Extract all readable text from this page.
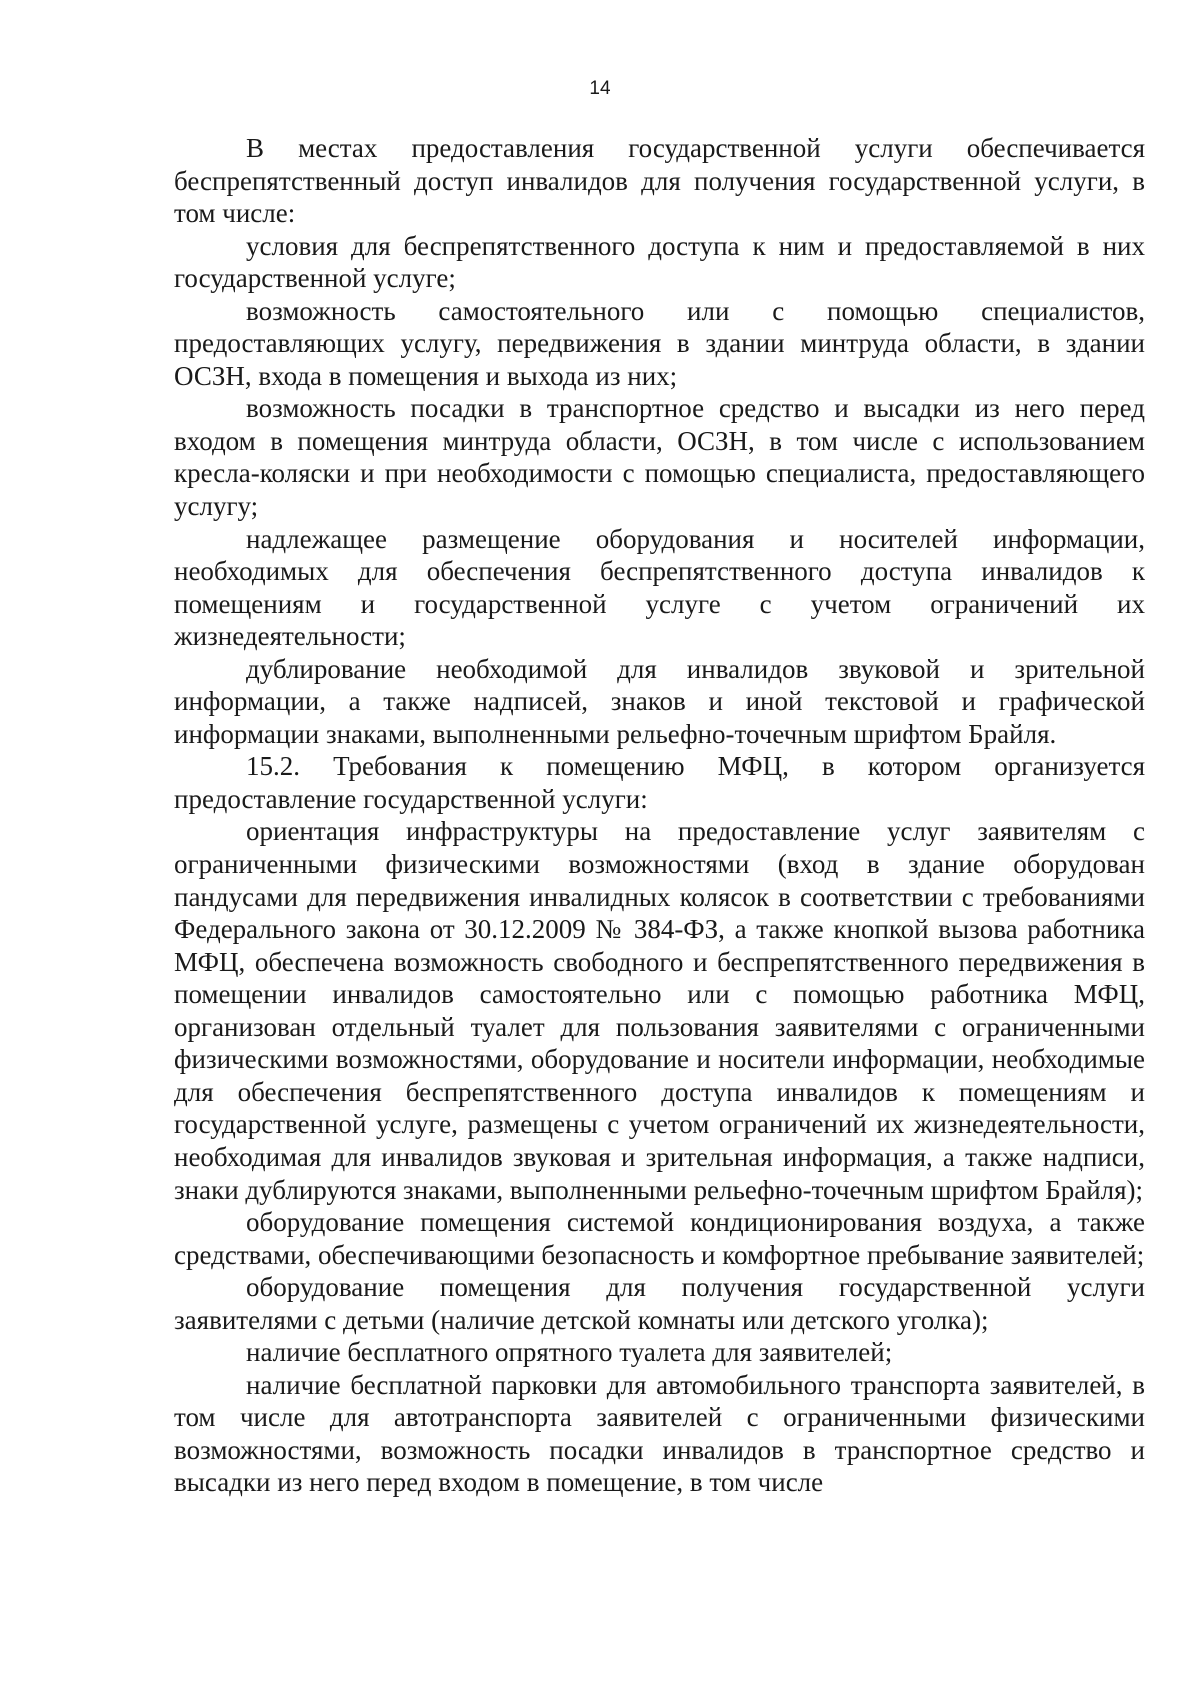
14

В местах предоставления государственной услуги обеспечивается беспрепятственный доступ инвалидов для получения государственной услуги, в том числе:

условия для беспрепятственного доступа к ним и предоставляемой в них государственной услуге;

возможность самостоятельного или с помощью специалистов, предоставляющих услугу, передвижения в здании минтруда области, в здании ОСЗН, входа в помещения и выхода из них;

возможность посадки в транспортное средство и высадки из него перед входом в помещения минтруда области, ОСЗН, в том числе с использованием кресла-коляски и при необходимости с помощью специалиста, предоставляющего услугу;

надлежащее размещение оборудования и носителей информации, необходимых для обеспечения беспрепятственного доступа инвалидов к помещениям и государственной услуге с учетом ограничений их жизнедеятельности;

дублирование необходимой для инвалидов звуковой и зрительной информации, а также надписей, знаков и иной текстовой и графической информации знаками, выполненными рельефно-точечным шрифтом Брайля.

15.2. Требования к помещению МФЦ, в котором организуется предоставление государственной услуги:

ориентация инфраструктуры на предоставление услуг заявителям с ограниченными физическими возможностями (вход в здание оборудован пандусами для передвижения инвалидных колясок в соответствии с требованиями Федерального закона от 30.12.2009 № 384-ФЗ, а также кнопкой вызова работника МФЦ, обеспечена возможность свободного и беспрепятственного передвижения в помещении инвалидов самостоятельно или с помощью работника МФЦ, организован отдельный туалет для пользования заявителями с ограниченными физическими возможностями, оборудование и носители информации, необходимые для обеспечения беспрепятственного доступа инвалидов к помещениям и государственной услуге, размещены с учетом ограничений их жизнедеятельности, необходимая для инвалидов звуковая и зрительная информация, а также надписи, знаки дублируются знаками, выполненными рельефно-точечным шрифтом Брайля);

оборудование помещения системой кондиционирования воздуха, а также средствами, обеспечивающими безопасность и комфортное пребывание заявителей;

оборудование помещения для получения государственной услуги заявителями с детьми (наличие детской комнаты или детского уголка);

наличие бесплатного опрятного туалета для заявителей;

наличие бесплатной парковки для автомобильного транспорта заявителей, в том числе для автотранспорта заявителей с ограниченными физическими возможностями, возможность посадки инвалидов в транспортное средство и высадки из него перед входом в помещение, в том числе
